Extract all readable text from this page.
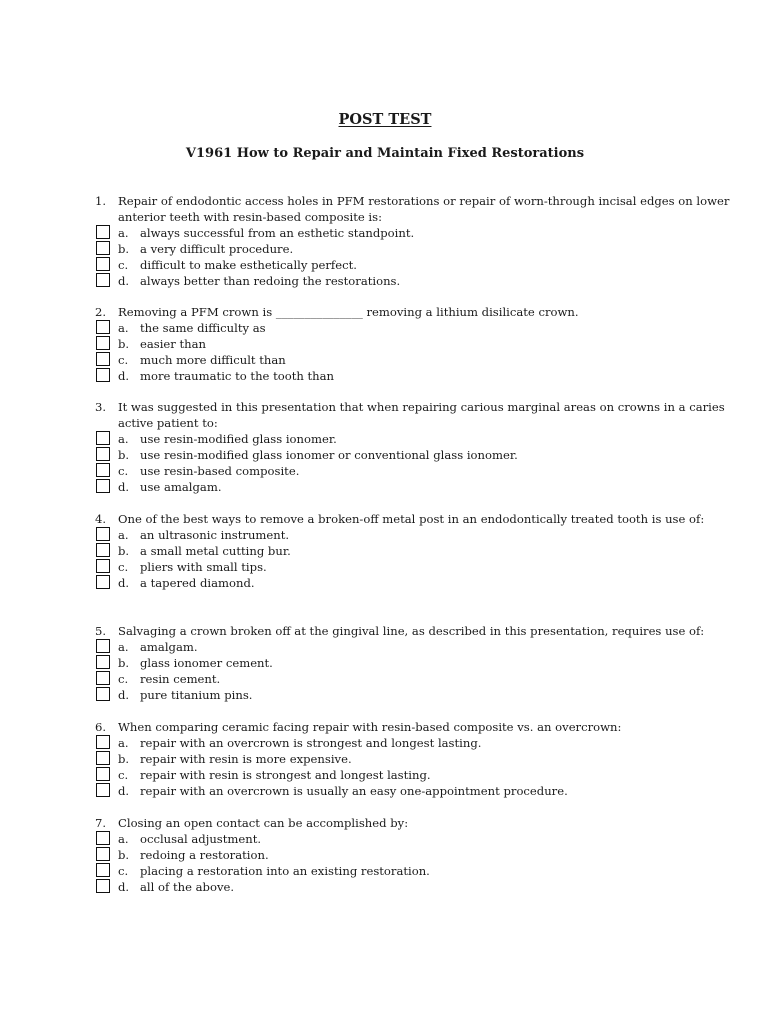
POST TEST
V1961 How to Repair and Maintain Fixed Restorations
1. Repair of endodontic access holes in PFM restorations or repair of worn-through incisal edges on lower
anterior teeth with resin-based composite is:
a. always successful from an esthetic standpoint.
b. a very difficult procedure.
c. difficult to make esthetically perfect.
d. always better than redoing the restorations.
2. Removing a PFM crown is _______________ removing a lithium disilicate crown.
a. the same difficulty as
b. easier than
c. much more difficult than
d. more traumatic to the tooth than
3. It was suggested in this presentation that when repairing carious marginal areas on crowns in a caries
active patient to:
a. use resin-modified glass ionomer.
b. use resin-modified glass ionomer or conventional glass ionomer.
c. use resin-based composite.
d. use amalgam.
4. One of the best ways to remove a broken-off metal post in an endodontically treated tooth is use of:
a. an ultrasonic instrument.
b. a small metal cutting bur.
c. pliers with small tips.
d. a tapered diamond.
5. Salvaging a crown broken off at the gingival line, as described in this presentation, requires use of:
a. amalgam.
b. glass ionomer cement.
c. resin cement.
d. pure titanium pins.
6. When comparing ceramic facing repair with resin-based composite vs. an overcrown:
a. repair with an overcrown is strongest and longest lasting.
b. repair with resin is more expensive.
c. repair with resin is strongest and longest lasting.
d. repair with an overcrown is usually an easy one-appointment procedure.
7. Closing an open contact can be accomplished by:
a. occlusal adjustment.
b. redoing a restoration.
c. placing a restoration into an existing restoration.
d. all of the above.
